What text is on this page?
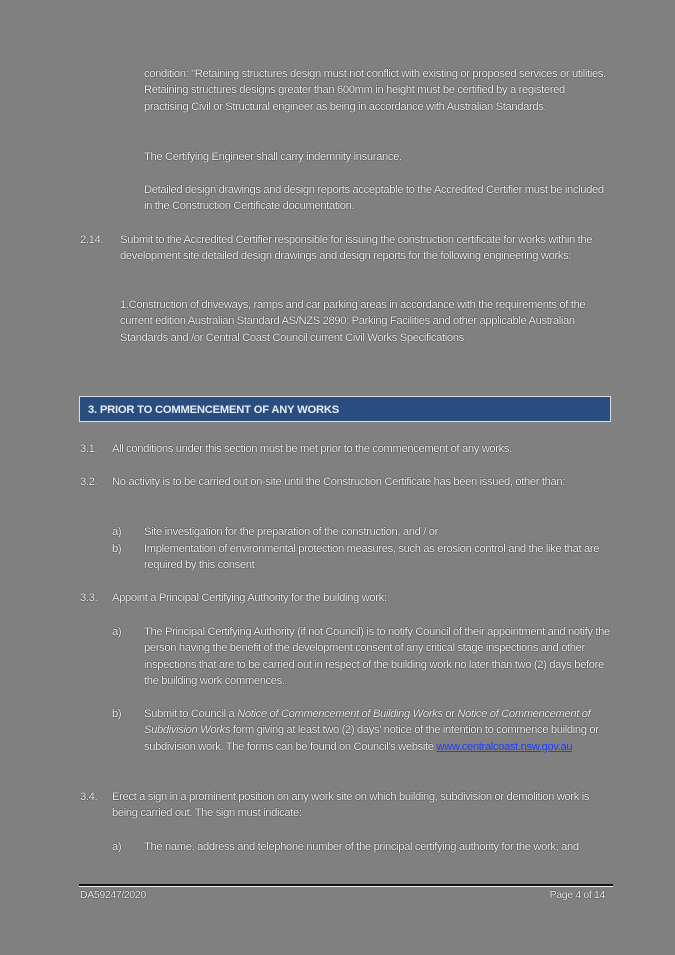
condition: "Retaining structures design must not conflict with existing or proposed services or utilities. Retaining structures designs greater than 600mm in height must be certified by a registered practising Civil or Structural engineer as being in accordance with Australian Standards.
The Certifying Engineer shall carry indemnity insurance.
Detailed design drawings and design reports acceptable to the Accredited Certifier must be included in the Construction Certificate documentation.
2.14. Submit to the Accredited Certifier responsible for issuing the construction certificate for works within the development site detailed design drawings and design reports for the following engineering works:
1.Construction of driveways, ramps and car parking areas in accordance with the requirements of the current edition Australian Standard AS/NZS 2890: Parking Facilities and other applicable Australian Standards and /or Central Coast Council current Civil Works Specifications
3. PRIOR TO COMMENCEMENT OF ANY WORKS
3.1. All conditions under this section must be met prior to the commencement of any works.
3.2. No activity is to be carried out on-site until the Construction Certificate has been issued, other than:
a) Site investigation for the preparation of the construction, and / or
b) Implementation of environmental protection measures, such as erosion control and the like that are required by this consent
3.3. Appoint a Principal Certifying Authority for the building work:
a) The Principal Certifying Authority (if not Council) is to notify Council of their appointment and notify the person having the benefit of the development consent of any critical stage inspections and other inspections that are to be carried out in respect of the building work no later than two (2) days before the building work commences.
b) Submit to Council a Notice of Commencement of Building Works or Notice of Commencement of Subdivision Works form giving at least two (2) days' notice of the intention to commence building or subdivision work. The forms can be found on Council's website www.centralcoast.nsw.gov.au
3.4. Erect a sign in a prominent position on any work site on which building, subdivision or demolition work is being carried out. The sign must indicate:
a) The name, address and telephone number of the principal certifying authority for the work; and
DA59247/2020	Page 4 of 14
